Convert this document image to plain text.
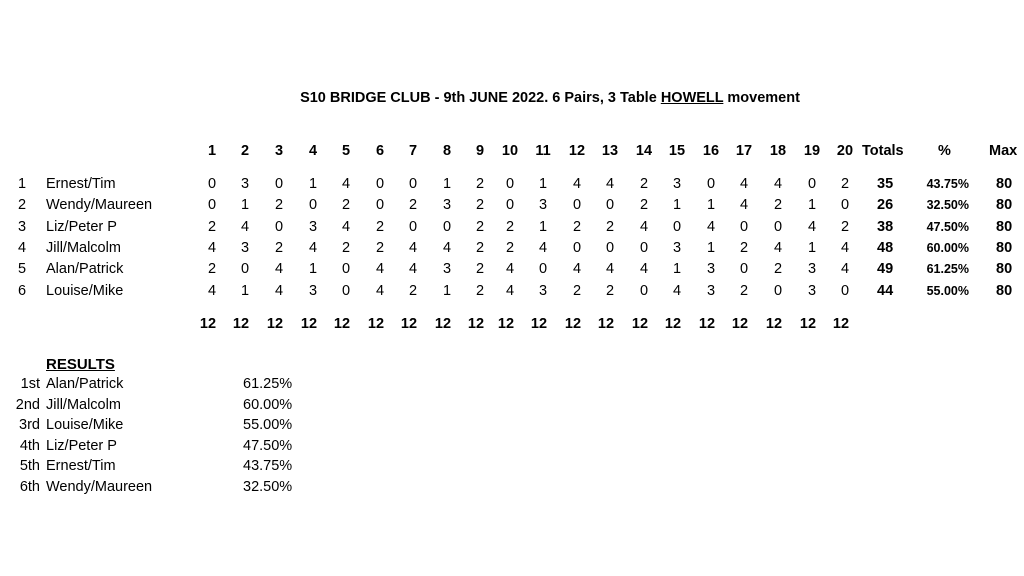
S10 BRIDGE CLUB - 9th JUNE 2022. 6 Pairs, 3 Table HOWELL movement
1	2	3	4	5	6	7	8	9	10 11 12 13 14 15 16 17 18 19 20 Totals %	Max
1 Ernest/Tim	0	3	0	1	4	0	0	1	2	0	1	4	4	2	3	0	4	4	0	2	35	43.75% 80
2 Wendy/Maureen	0	1	2	0	2	0	2	3	2	0	3	0	0	2	1	1	4	2	1	0	26	32.50% 80
3 Liz/Peter P	2	4	0	3	4	2	0	0	2	2	1	2	2	4	0	4	0	0	4	2	38	47.50% 80
4 Jill/Malcolm	4	3	2	4	2	2	4	4	2	2	4	0	0	0	3	1	2	4	1	4	48	60.00% 80
5 Alan/Patrick	2	0	4	1	0	4	4	3	2	4	0	4	4	4	1	3	0	2	3	4	49	61.25% 80
6 Louise/Mike	4	1	4	3	0	4	2	1	2	4	3	2	2	0	4	3	2	0	3	0	44	55.00% 80
12 12 12 12 12 12 12 12 12 12 12 12 12 12 12 12 12 12 12 12
RESULTS
1st Alan/Patrick	61.25%
2nd Jill/Malcolm	60.00%
3rd Louise/Mike	55.00%
4th Liz/Peter P	47.50%
5th Ernest/Tim	43.75%
6th Wendy/Maureen	32.50%
